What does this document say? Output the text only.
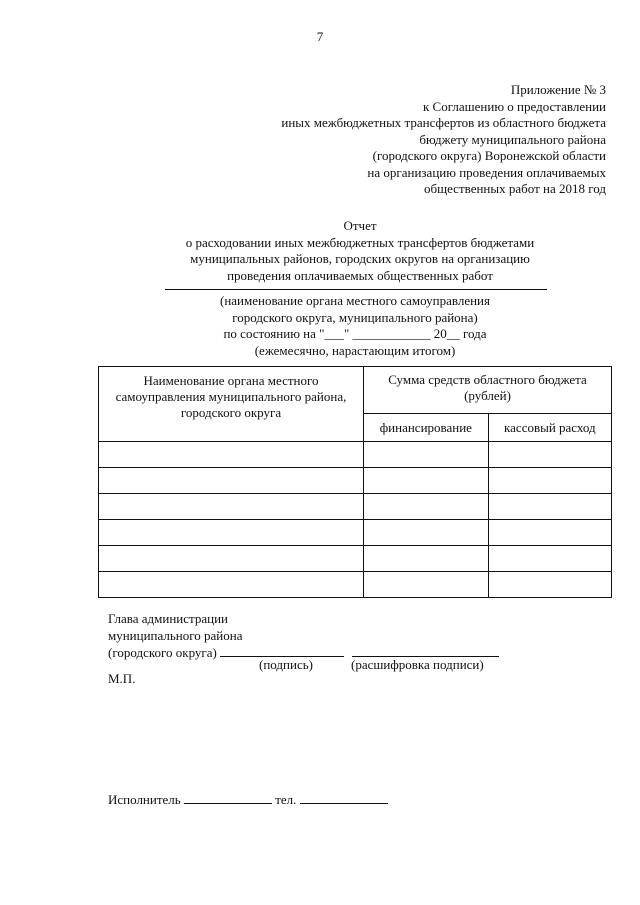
7
Приложение № 3
к Соглашению о предоставлении
иных межбюджетных трансфертов из областного бюджета
бюджету муниципального района
(городского округа) Воронежской области
на организацию проведения оплачиваемых
общественных работ на 2018 год
Отчет
о расходовании иных межбюджетных трансфертов бюджетами
муниципальных районов, городских округов на организацию
проведения оплачиваемых общественных работ
(наименование органа местного самоуправления
городского округа, муниципального района)
по состоянию на "___" ____________ 20__ года
(ежемесячно, нарастающим итогом)
Наименование органа местного самоуправления муниципального района, городского округа	Сумма средств областного бюджета (рублей)	
	финансирование	кассовый расход

Глава администрации
муниципального района
(городского округа)
(подпись)	(расшифровка подписи)
М.П.
Исполнитель	тел.
